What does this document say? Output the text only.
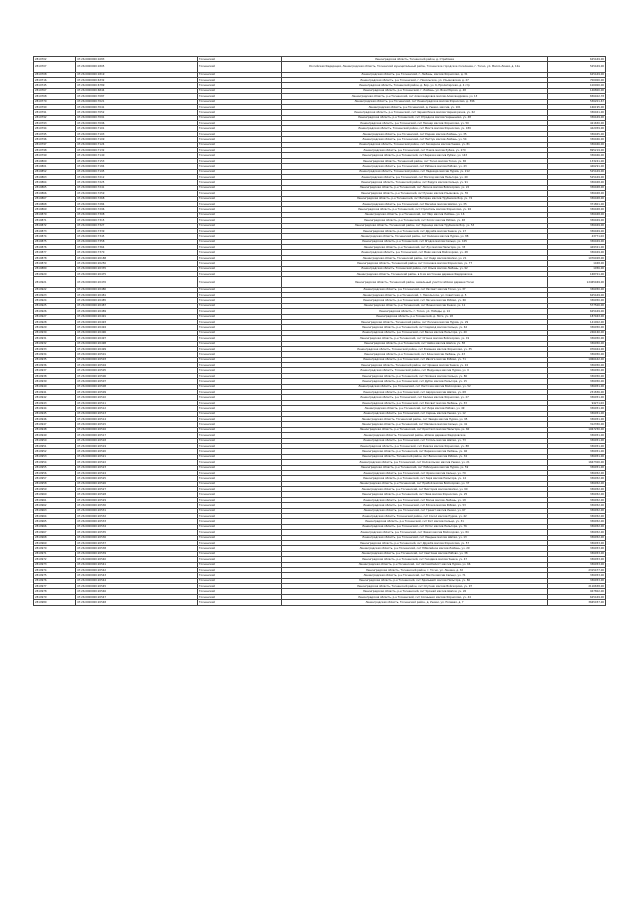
2819702	47:26:0000000:1683	Тосненский	Ленинградская область, Тосненский район, д. Стребовка	625449,00
2819707	47:26:0000000:1805	Тосненский	Российская Федерация, Ленинградская область, Тосненский муниципальный район, Тосненское городское поселение, г. Тосно, ул. Масло-Линия, д. 12а	525449,00
2819708	47:26:0000000:1819	Тосненский	Ленинградская область, р-н Тосненский, г. Любань, массив Форносово, д. 31	625449,00
2819716	47:26:0000000:6332	Тосненский	Ленинградская область, р-н Тосненский, г. Никольское, ул. Ульяновская, д. 27	700000,00
2819745	47:26:0000000:6789	Тосненский	Ленинградская область, Тосненский район, д. Бор, уч. 6, Пролетарская, д. 4 стр	100000,00
2819767	47:26:0000000:6844	Тосненский	Ленинградская область, р-н Тосненский, г. Любань, ул. Воза Морозо, д. 48	146800,00
2819768	47:26:0000000:7087	Тосненский	Ленинградская область, р-н Тосненский, снт Александровка массив Александровка, уч. 13	836402,78
2819770	47:26:0000000:7021	Тосненский	Ленинградская область, р-н Тосненский, снт Ленинградское массив Форносово, д. 396	536201,67
2819790	47:26:0000000:7041	Тосненский	Ленинградская область, р-н Тосненский, д. Ушаки, массив, уч. 101	166195,00
2819791	47:26:0000000:7052	Тосненский	Ленинградская область, р-н Тосненский, снт Черная Речка массив Черная речка, уч. 62	336041,00
2819792	47:26:0000000:7091	Тосненский	Ленинградская область, р-н Тосненский, снт Отрадное массив Чернышово, уч. 48	336449,00
2819793	47:26:0000000:7096	Тосненский	Ленинградская область, р-н Тосненский, снт Пионер массив Форносово, уч. 50	421650,00
2819794	47:26:0000000:7101	Тосненский	Ленинградская область, Тосненский район, снт Мечта массив Форносово, уч. 189	442059,00
2819795	47:26:0000000:7103	Тосненский	Ленинградская область, р-н Тосненский, снт Родник массив Любань, уч. 35	336045,00
2819796	47:26:0000000:7109	Тосненский	Ленинградская область, р-н Тосненский, снт Нептун массив Любань, уч. 54	336046,00
2819797	47:26:0000000:7124	Тосненский	Ленинградская область, Тосненский район, снт Заозерное массив Ушаки, уч. 81	336046,00
2819798	47:26:0000000:7132	Тосненский	Ленинградская область, р-н Тосненский, снт Пчела массив Рубеж, уч. 270	895219,00
2819799	47:26:0000000:7140	Тосненский	Ленинградская область, р-н Тосненский, снт Березка массив Рубеж, уч. 143	336046,00
2819800	47:26:0000000:7153	Тосненский	Ленинградская область, Тосненский район, снт Тосно массив Тосно, уч. 65	133241,00
2819801	47:26:0000000:7184	Тосненский	Ленинградская область, р-н Тосненский, снт Рябинка массив Рябово, уч. 43	446291,00
2819852	47:26:0000000:7195	Тосненский	Ленинградская область, Тосненский район, снт Надежда массив Нурма, уч. 212	525449,00
2819863	47:26:0000000:7212	Тосненский	Ленинградская область, р-н Тосненский, снт Восход массив Пельгора, уч. 40	525449,00
2819864	47:26:0000000:7225	Тосненский	Ленинградская область, Тосненский район, снт Радуга массив Сельцо, уч. 91	336048,00
2819865	47:26:0000000:7241	Тосненский	Ленинградская область, р-н Тосненский, снт Лесное массив Войскорово, уч. 22	336048,00
2819866	47:26:0000000:7259	Тосненский	Ленинградская область, р-н Тосненский, снт Ручеек массив Ульяновка, уч. 55	336048,00
2819867	47:26:0000000:7268	Тосненский	Ленинградская область, р-н Тосненский, снт Ветеран массив Трубников Бор, уч. 74	336048,00
2819868	47:26:0000000:7284	Тосненский	Ленинградская область, р-н Тосненский, снт Василек массив Шапки, уч. 35	371801,00
2819869	47:26:0000000:7296	Тосненский	Ленинградская область, р-н Тосненский, снт Строитель массив Форносово, уч. 94	336048,00
2819870	47:26:0000000:7308	Тосненский	Ленинградская область, р-н Тосненский, снт Мир массив Любань, уч. 16	336048,00
2819871	47:26:0000000:7315	Тосненский	Ленинградская область, р-н Тосненский, снт Колос массив Рябово, уч. 48	336049,00
2819872	47:26:0000000:7327	Тосненский	Ленинградская область, Тосненский район, снт Зарница массив Трубников Бор, уч. 53	336049,00
2819873	47:26:0000000:7339	Тосненский	Ленинградская область, р-н Тосненский, снт Дружба массив Ушаки, уч. 17	336049,00
2819874	47:26:0000000:7345	Тосненский	Ленинградская область, Тосненский район, снт Калинка массив Нурма, уч. 88	43771,00
2819875	47:26:0000000:7358	Тосненский	Ленинградская область, р-н Тосненский, снт Ягодка массив Сельцо, уч. 105	336049,00
2819876	47:26:0000000:7364	Тосненский	Ленинградская область, р-н Тосненский, снт Луч массив Пельгора, уч. 33	449321,00
2819877	47:26:0000000:7370	Тосненский	Ленинградская область, р-н Тосненский, снт Маяк массив Войскорово, уч. 48	336049,00
2819878	47:26:0000000:20188	Тосненский	Ленинградская область, Тосненский район, снт Кедр массив Шапки, уч. 21	1076028,00
2819879	47:26:0000000:20250	Тосненский	Ленинградская область, Тосненский район, снт Сосновка массив Форносово, уч. 77	1048,00
2819880	47:26:0000000:20335	Тосненский	Ленинградская область, Тосненский район, снт Ольха массив Любань, уч. 92	1056,00
2819920	47:26:0000000:20475	Тосненский	Ленинградская область, Тосненский район, в 6 км восточнее деревни Федоровское	168701,00
2819921	47:26:0000000:20476	Тосненский	Ленинградская область, Тосненский район, земельный участок вблизи деревни Тосно	12465469,00
2819922	47:26:0000000:20480	Тосненский	Ленинградская область, р-н Тосненский, снт Рассвет массив Тосно, уч. 37	336050,00
2819923	47:26:0000000:20481	Тосненский	Ленинградская область, р-н Тосненский, г. Никольское, ул. Советская, д. 5	625449,00
2819924	47:26:0000000:20485	Тосненский	Ленинградская область, р-н Тосненский, снт Лесное массив Рябово, уч. 66	336050,00
2819925	47:26:0000000:20487	Тосненский	Ленинградская область, р-н Тосненский, снт Вишня массив Ушаки, уч. 11	577500,00
2819926	47:26:0000000:20489	Тосненский	Ленинградская область, г. Тосно, ул. Победы, д. 14	625449,00
2819927	47:26:0000000:20491	Тосненский	Ленинградская область, р-н Тосненский, д. Поги, уч. 18	187463,00
2819928	47:26:0000000:20493	Тосненский	Ленинградская область, Тосненский район, снт Росинка массив Нурма, уч. 29	141002,00
2819929	47:26:0000000:20494	Тосненский	Ленинградская область, р-н Тосненский, снт Садовод массив Сельцо, уч. 62	336050,00
2819930	47:26:0000000:20496	Тосненский	Ленинградская область, р-н Тосненский, снт Весна массив Пельгора, уч. 40	246160,00
2819931	47:26:0000000:20497	Тосненский	Ленинградская область, р-н Тосненский, снт Огонек массив Войскорово, уч. 19	336050,00
2819932	47:26:0000000:20498	Тосненский	Ленинградская область, р-н Тосненский, снт Чайка массив Шапки, уч. 58	336050,00
2819933	47:26:0000000:20499	Тосненский	Ленинградская область, Тосненский район, снт Ромашка массив Форносово, уч. 35	976044,00
2819934	47:26:0000000:20501	Тосненский	Ленинградская область, р-н Тосненский, снт Клен массив Любань, уч. 43	336050,00
2819935	47:26:0000000:20503	Тосненский	Ленинградская область, р-н Тосненский, снт Иволга массив Рябово, уч. 71	1966442,00
2819936	47:26:0000000:20504	Тосненский	Ленинградская область, Тосненский район, снт Орешек массив Ушаки, уч. 24	336050,00
2819937	47:26:0000000:20505	Тосненский	Ленинградская область, Тосненский район, снт Медуница массив Нурма, уч. 9	336050,00
2819938	47:26:0000000:20506	Тосненский	Ленинградская область, р-н Тосненский, снт Полянка массив Сельцо, уч. 86	336050,00
2819939	47:26:0000000:20507	Тосненский	Ленинградская область, р-н Тосненский, снт Дубок массив Пельгора, уч. 15	336050,00
2819940	47:26:0000000:20508	Тосненский	Ленинградская область, р-н Тосненский, снт Ласточка массив Войскорово, уч. 52	336051,00
2819941	47:26:0000000:20509	Тосненский	Ленинградская область, р-н Тосненский, снт Аврора массив Шапки, уч. 68	231836,00
2819942	47:26:0000000:20510	Тосненский	Ленинградская область, р-н Тосненский, снт Калина массив Форносово, уч. 27	336051,00
2819943	47:26:0000000:20511	Тосненский	Ленинградская область, р-н Тосненский, снт Рассвет массив Любань, уч. 33	94271,00
2819944	47:26:0000000:20512	Тосненский	Ленинградская область, р-н Тосненский, снт Лира массив Рябово, уч. 49	336051,00
2819945	47:26:0000000:20513	Тосненский	Ленинградская область, р-н Тосненский, снт Сирень массив Ушаки, уч. 12	336051,00
2819946	47:26:0000000:20514	Тосненский	Ленинградская область, Тосненский район, снт Звезда массив Нурма, уч. 95	336051,00
2819947	47:26:0000000:20515	Тосненский	Ленинградская область, р-н Тосненский, снт Малинка массив Сельцо, уч. 41	312350,00
2819948	47:26:0000000:20516	Тосненский	Ленинградская область, р-н Тосненский, снт Кристалл массив Пельгора, уч. 60	1067250,00
2819949	47:26:0000000:20517	Тосненский	Ленинградская область, Тосненский район, вблизи деревни Федоровское	336051,00
2819950	47:26:0000000:20518	Тосненский	Ленинградская область, р-н Тосненский, снт Тополь массив Шапки, уч. 73	336051,00
2819951	47:26:0000000:20519	Тосненский	Ленинградская область, р-н Тосненский, снт Фиалка массив Форносово, уч. 88	336051,00
2819952	47:26:0000000:20520	Тосненский	Ленинградская область, р-н Тосненский, снт Березка массив Любань, уч. 46	336051,00
2819953	47:26:0000000:20521	Тосненский	Ленинградская область, Тосненский район, снт Весна массив Рябово, уч. 34	336051,00
2819954	47:26:0000000:20522	Тосненский	Ленинградская область, р-н Тосненский, снт Колокольчик массив Ушаки, уч. 21	1667300,00
2819955	47:26:0000000:20523	Тосненский	Ленинградская область, р-н Тосненский, снт Рябинушка массив Нурма, уч. 59	336051,00
2819956	47:26:0000000:20524	Тосненский	Ленинградская область, р-н Тосненский, снт Орион массив Сельцо, уч. 79	336052,00
2819957	47:26:0000000:20525	Тосненский	Ленинградская область, р-н Тосненский, снт Заря массив Пельгора, уч. 14	336052,00
2819958	47:26:0000000:20526	Тосненский	Ленинградская область, р-н Тосненский, снт Прибой массив Войскорово, уч. 37	336052,00
2819959	47:26:0000000:20527	Тосненский	Ленинградская область, р-н Тосненский, снт Виктория массив Шапки, уч. 90	336052,00
2819960	47:26:0000000:20528	Тосненский	Ленинградская область, р-н Тосненский, снт Нива массив Форносово, уч. 25	336052,00
2819961	47:26:0000000:20529	Тосненский	Ленинградская область, р-н Тосненский, снт Волна массив Любань, уч. 18	336052,00
2819962	47:26:0000000:20530	Тосненский	Ленинградская область, р-н Тосненский, снт Елочка массив Рябово, уч. 53	336052,00
2819963	47:26:0000000:20531	Тосненский	Ленинградская область, р-н Тосненский, снт Гранит массив Ушаки, уч. 67	336052,00
2819964	47:26:0000000:20532	Тосненский	Ленинградская область, Тосненский район, снт Сокол массив Нурма, уч. 42	336052,00
2819965	47:26:0000000:20533	Тосненский	Ленинградская область, р-н Тосненский, снт Уют массив Сельцо, уч. 31	336052,00
2819966	47:26:0000000:20534	Тосненский	Ленинградская область, р-н Тосненский, снт Лотос массив Пельгора, уч. 76	336052,00
2819967	47:26:0000000:20535	Тосненский	Ленинградская область, р-н Тосненский, снт Факел массив Войскорово, уч. 84	336052,00
2819968	47:26:0000000:20536	Тосненский	Ленинградская область, р-н Тосненский, снт Ландыш массив Шапки, уч. 13	336052,00
2819969	47:26:0000000:20537	Тосненский	Ленинградская область, р-н Тосненский, снт Дружба массив Форносово, уч. 57	336053,00
2819970	47:26:0000000:20538	Тосненский	Ленинградская область, р-н Тосненский, снт Юбилейное массив Любань, уч. 29	336053,00
2819971	47:26:0000000:20539	Тосненский	Ленинградская область, р-н Тосненский, снт Светлана массив Рябово, уч. 38	336053,00
2819972	47:26:0000000:20540	Тосненский	Ленинградская область, р-н Тосненский, снт Гвоздика массив Ушаки, уч. 47	336053,00
2819973	47:26:0000000:20541	Тосненский	Ленинградская область, р-н Тосненский, снт Автомобилист массив Нурма, уч. 66	336053,00
2819974	47:26:0000000:20542	Тосненский	Ленинградская область, Тосненский район, г. Тосно, ул. Ленина, д. 32	2315477,00
2819975	47:26:0000000:20543	Тосненский	Ленинградская область, р-н Тосненский, снт Мечта массив Сельцо, уч. 71	336053,00
2819976	47:26:0000000:20544	Тосненский	Ленинградская область, р-н Тосненский, снт Эдельвейс массив Пельгора, уч. 86	336053,00
2819977	47:26:0000000:20545	Тосненский	Ленинградская область, Тосненский район, снт Спутник массив Войскорово, уч. 97	2116658,00
2819978	47:26:0000000:20546	Тосненский	Ленинградская область, р-н Тосненский, снт Урожай массив Шапки, уч. 26	947802,00
2819979	47:26:0000000:20547	Тосненский	Ленинградская область, р-н Тосненский, снт Солнышко массив Форносово, уч. 44	625449,00
2819980	47:26:0000000:20548	Тосненский	Ленинградская область, Тосненский район, д. Ушаки, ул. Полевая, д. 7	3665037,00
